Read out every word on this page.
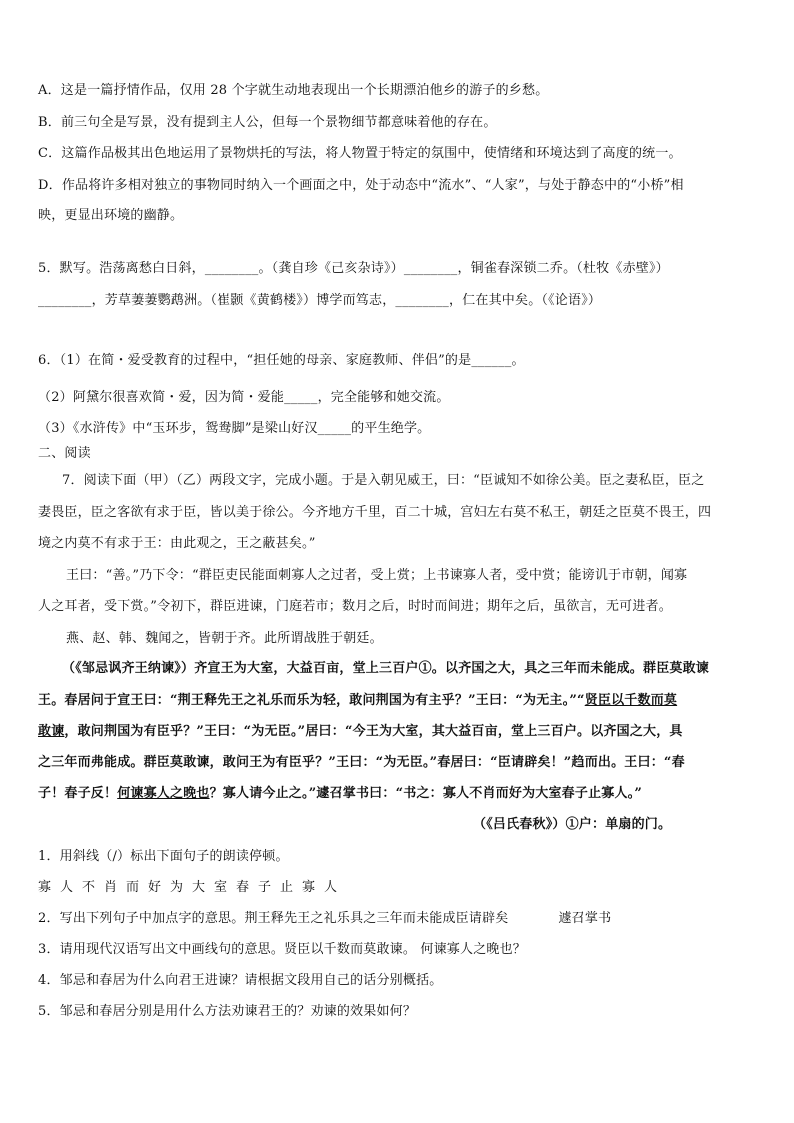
A．这是一篇抒情作品，仅用 28 个字就生动地表现出一个长期漂泊他乡的游子的乡愁。
B．前三句全是写景，没有提到主人公，但每一个景物细节都意味着他的存在。
C．这篇作品极其出色地运用了景物烘托的写法，将人物置于特定的氛围中，使情绪和环境达到了高度的统一。
D．作品将许多相对独立的事物同时纳入一个画面之中，处于动态中“流水”、“人家”，与处于静态中的“小桥”相
映，更显出环境的幽静。
5．默写。浩荡离愁白日斜，________。（龚自珍《己亥杂诗》）________，铜雀春深锁二乔。（杜牧《赤壁》）
________，芳草萋萋鹦鹉洲。（崔颢《黄鹤楼》）博学而笃志，________，仁在其中矣。（《论语》）
6．（1）在简・爱受教育的过程中，“担任她的母亲、家庭教师、伴侣”的是______。
（2）阿黛尔很喜欢简・爱，因为简・爱能_____，完全能够和她交流。
（3）《水浒传》中“玉环步，鸳鸯脚”是梁山好汉_____的平生绝学。
二、阅读
7．阅读下面（甲）（乙）两段文字，完成小题。于是入朝见威王，曰：“臣诚知不如徐公美。臣之妻私臣，臣之
妻畏臣，臣之客欲有求于臣，皆以美于徐公。今齐地方千里，百二十城，宫妇左右莫不私王，朝廷之臣莫不畏王，四
境之内莫不有求于王：由此观之，王之蔽甚矣。”
王曰：“善。”乃下令：“群臣吏民能面刺寡人之过者，受上赏；上书谏寡人者，受中赏；能谤讥于市朝，闻寡
人之耳者，受下赏。”令初下，群臣进谏，门庭若市；数月之后，时时而间进；期年之后，虽欲言，无可进者。
燕、赵、韩、魏闻之，皆朝于齐。此所谓战胜于朝廷。
（《邹忌讽齐王纳谏》）齐宣王为大室，大益百亩，堂上三百户①。以齐国之大，具之三年而未能成。群臣莫敢谏
王。春居问于宣王曰：“荆王释先王之礼乐而乐为轻，敢问荆国为有主乎？”王曰：“为无主。”“贤臣以千数而莫
敢谏，敢问荆国为有臣乎？”王曰：“为无臣。”居曰：“今王为大室，其大益百亩，堂上三百户。以齐国之大，具
之三年而弗能成。群臣莫敢谏，敢问王为有臣乎？”王曰：“为无臣。”春居曰：“臣请辟矣！”趋而出。王曰：“春
子！春子反！何谏寡人之晚也？寡人请今止之。”遽召掌书曰：“书之：寡人不肖而好为大室春子止寡人。”
（《吕氏春秋》）①户：单扇的门。
1．用斜线（/）标出下面句子的朗读停顿。
寡人不肖而好为大室春子止寡人
2．写出下列句子中加点字的意思。荆王释先王之礼乐具之三年而未能成臣请辟矣	遽召掌书
3．请用现代汉语写出文中画线句的意思。贤臣以千数而莫敢谏。 何谏寡人之晚也？
4．邹忌和春居为什么向君王进谏？请根据文段用自己的话分别概括。
5．邹忌和春居分别是用什么方法劝谏君王的？劝谏的效果如何？
